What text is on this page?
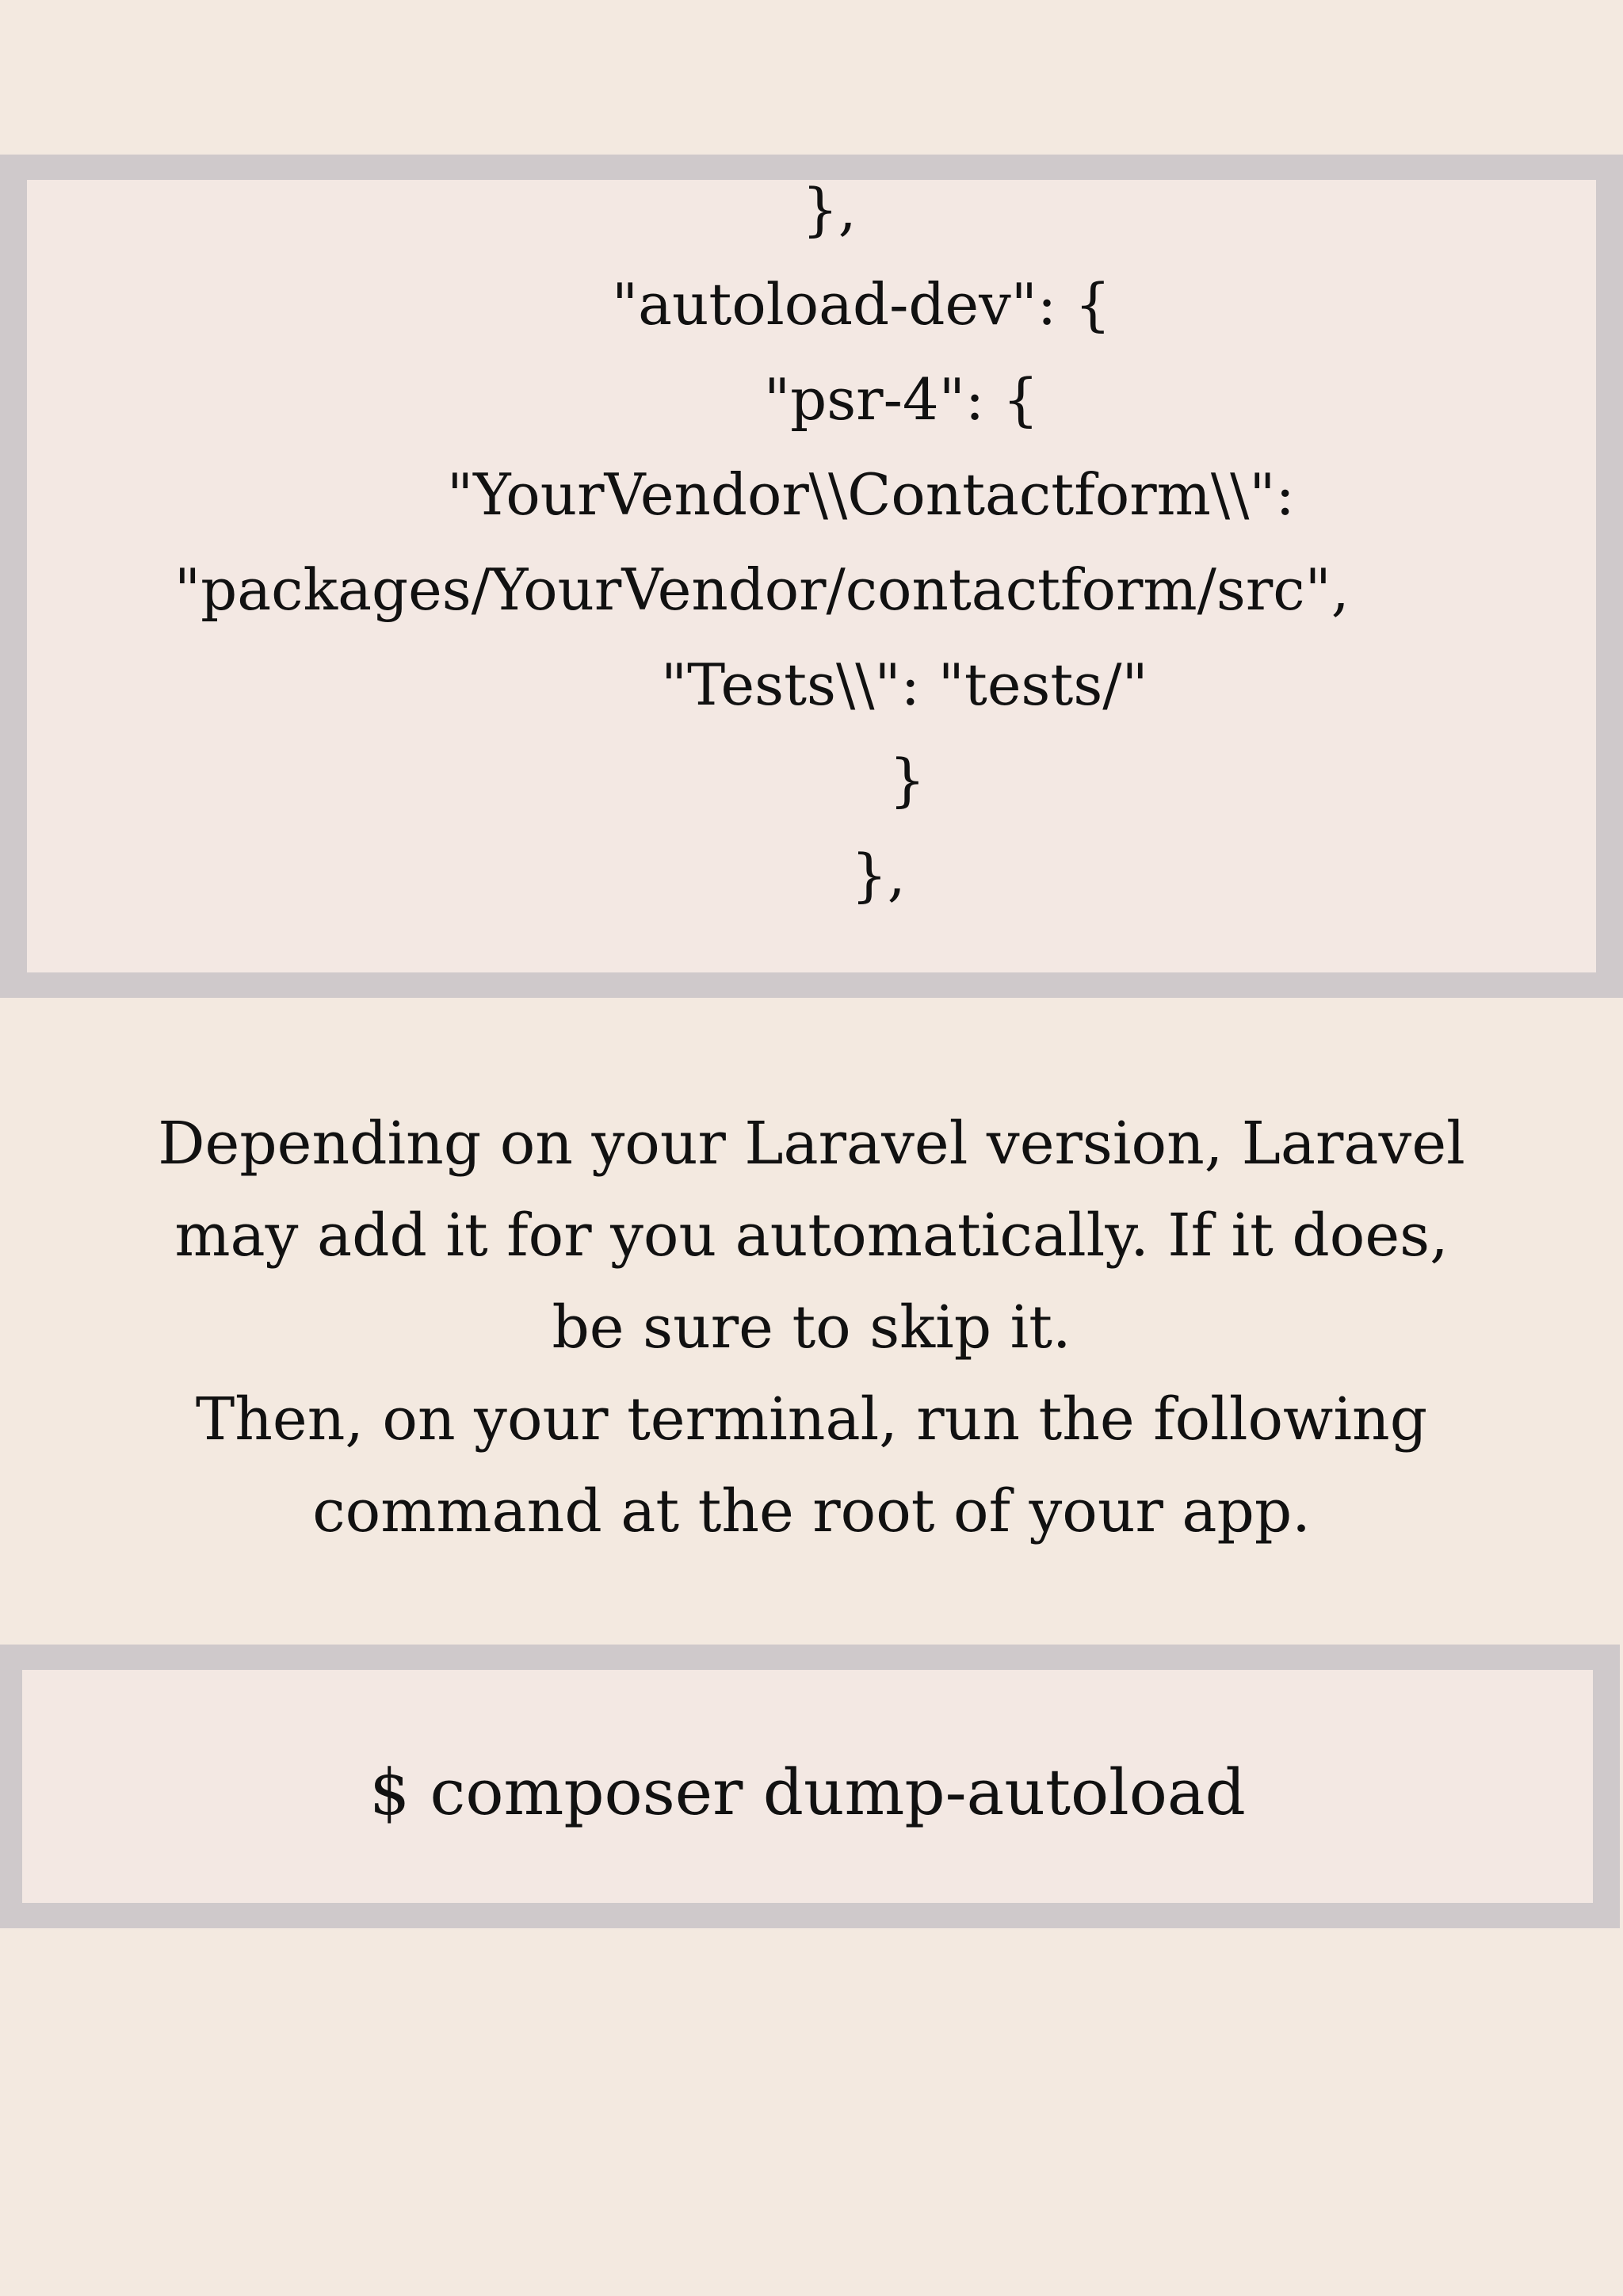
},
"autoload-dev": {
"psr-4": {
"YourVendor\\Contactform\\":
"packages/YourVendor/contactform/src",
"Tests\\": "tests/"
}
},
Depending on your Laravel version, Laravel
may add it for you automatically. If it does,
be sure to skip it.
Then, on your terminal, run the following
command at the root of your app.
$ composer dump-autoload
